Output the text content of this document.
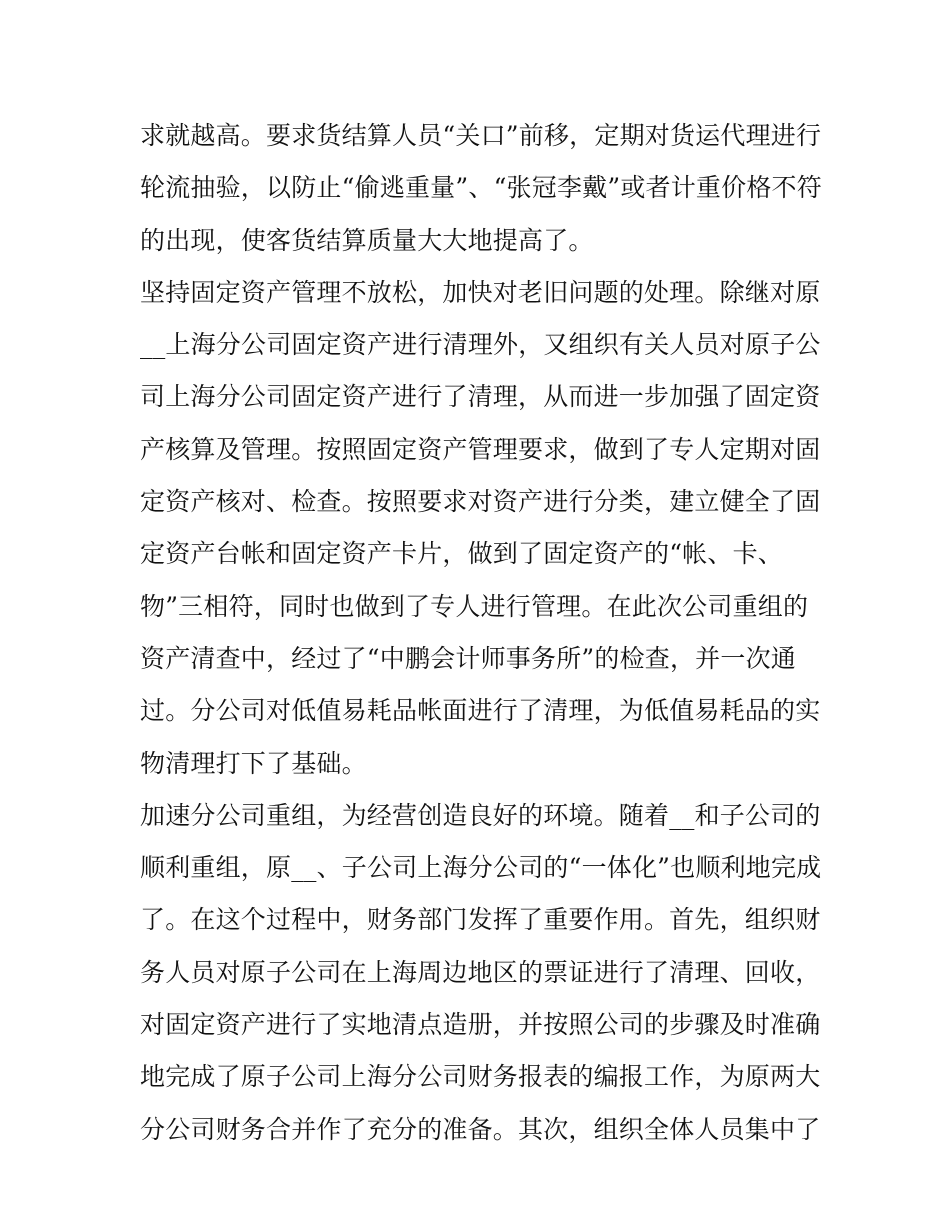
求就越高。要求货结算人员“关口”前移，定期对货运代理进行
轮流抽验，以防止“偷逃重量”、“张冠李戴”或者计重价格不符
的出现，使客货结算质量大大地提高了。
坚持固定资产管理不放松，加快对老旧问题的处理。除继对原
__上海分公司固定资产进行清理外，又组织有关人员对原子公
司上海分公司固定资产进行了清理，从而进一步加强了固定资
产核算及管理。按照固定资产管理要求，做到了专人定期对固
定资产核对、检查。按照要求对资产进行分类，建立健全了固
定资产台帐和固定资产卡片，做到了固定资产的“帐、卡、
物”三相符，同时也做到了专人进行管理。在此次公司重组的
资产清查中，经过了“中鹏会计师事务所”的检查，并一次通
过。分公司对低值易耗品帐面进行了清理，为低值易耗品的实
物清理打下了基础。
加速分公司重组，为经营创造良好的环境。随着__和子公司的
顺利重组，原__、子公司上海分公司的“一体化”也顺利地完成
了。在这个过程中，财务部门发挥了重要作用。首先，组织财
务人员对原子公司在上海周边地区的票证进行了清理、回收，
对固定资产进行了实地清点造册，并按照公司的步骤及时准确
地完成了原子公司上海分公司财务报表的编报工作，为原两大
分公司财务合并作了充分的准备。其次，组织全体人员集中了
